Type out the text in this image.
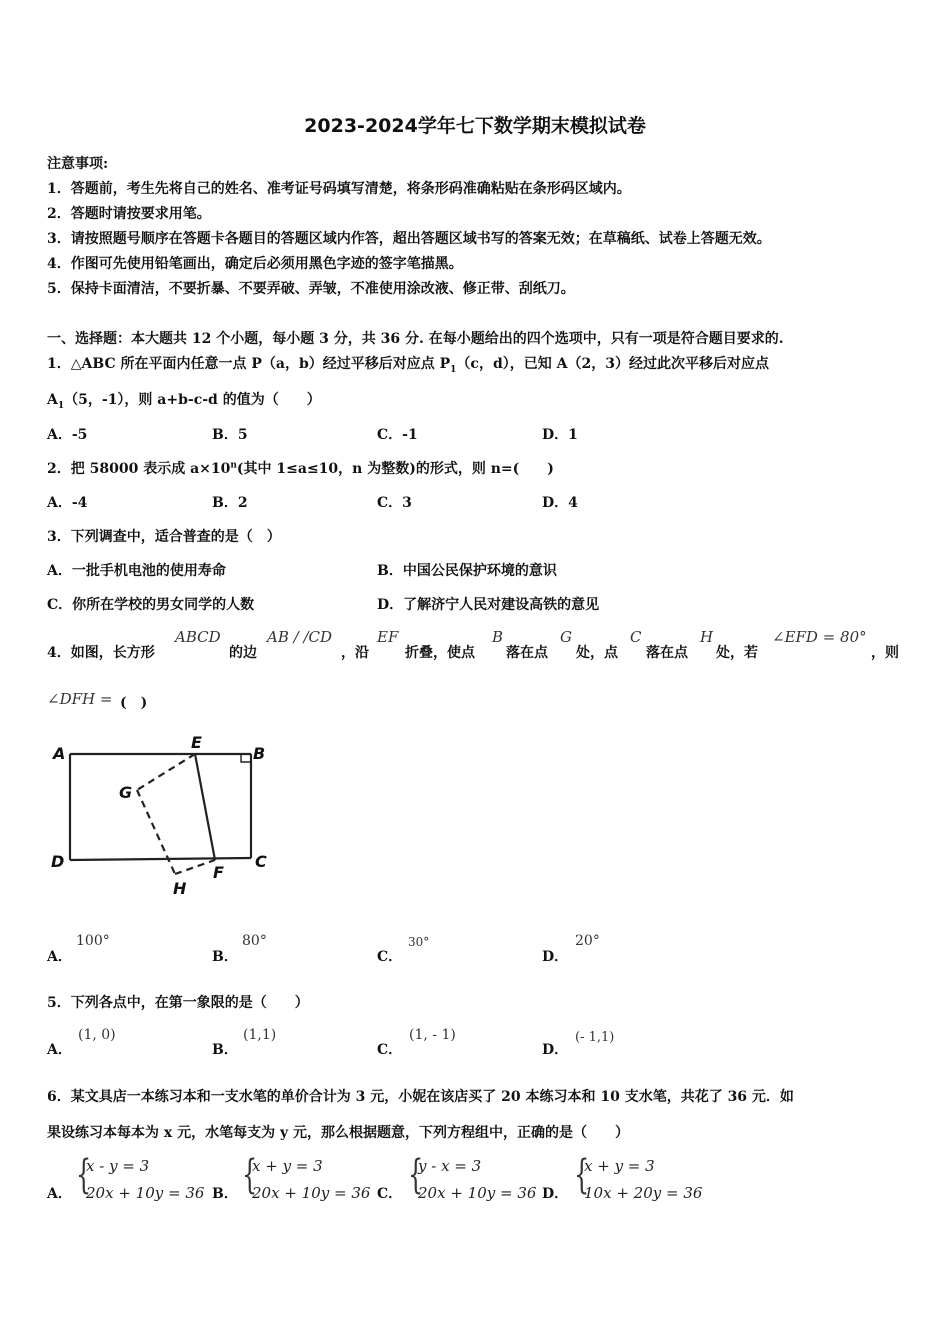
2023-2024学年七下数学期末模拟试卷
注意事项:
1．答题前，考生先将自己的姓名、准考证号码填写清楚，将条形码准确粘贴在条形码区域内。
2．答题时请按要求用笔。
3．请按照题号顺序在答题卡各题目的答题区域内作答，超出答题区域书写的答案无效；在草稿纸、试卷上答题无效。
4．作图可先使用铅笔画出，确定后必须用黑色字迹的签字笔描黑。
5．保持卡面清洁，不要折暴、不要弄破、弄皱，不准使用涂改液、修正带、刮纸刀。
一、选择题：本大题共 12 个小题，每小题 3 分，共 36 分. 在每小题给出的四个选项中，只有一项是符合题目要求的.
1．△ABC 所在平面内任意一点 P（a，b）经过平移后对应点 $P_1(c$，d），已知 A（2，3）经过此次平移后对应点
$A_1(5$，-1），则 a+b-c-d 的值为（　　）
A．-5	B．5	C．-1	D．1
2．把 58000 表示成 $a\times 10^n$(其中 1≤a≤10，n 为整数)的形式，则 n=(　　)
A．-4	B．2	C．3	D．4
3．下列调查中，适合普查的是（　）
A．一批手机电池的使用寿命	B．中国公民保护环境的意识
C．你所在学校的男女同学的人数	D．了解济宁人民对建设高铁的意见
4．如图，长方形
ABCD
的边
AB / /CD
，沿
EF
折叠，使点
B
落在点
G
处，点
C
落在点
H
处，若
∠EFD = 80°
，则
∠DFH = (　)
A
E
B
G
D	C
H
F
A．
100°
B．
80°
C．
30°
D．
20°
5．下列各点中，在第一象限的是（　　）
A．
(1, 0)
B．
(1,1)
C．
(1, - 1)
D．
(- 1,1)
6．某文具店一本练习本和一支水笔的单价合计为 3 元，小妮在该店买了 20 本练习本和 10 支水笔，共花了 36 元．如
果设练习本每本为 x 元，水笔每支为 y 元，那么根据题意，下列方程组中，正确的是（　　）
A． {
x - y = 3
20x + 10y = 36 B． {
x + y = 3
20x + 10y = 36 C． {
y - x = 3
20x + 10y = 36 D． {
x + y = 3
10x + 20y = 36
